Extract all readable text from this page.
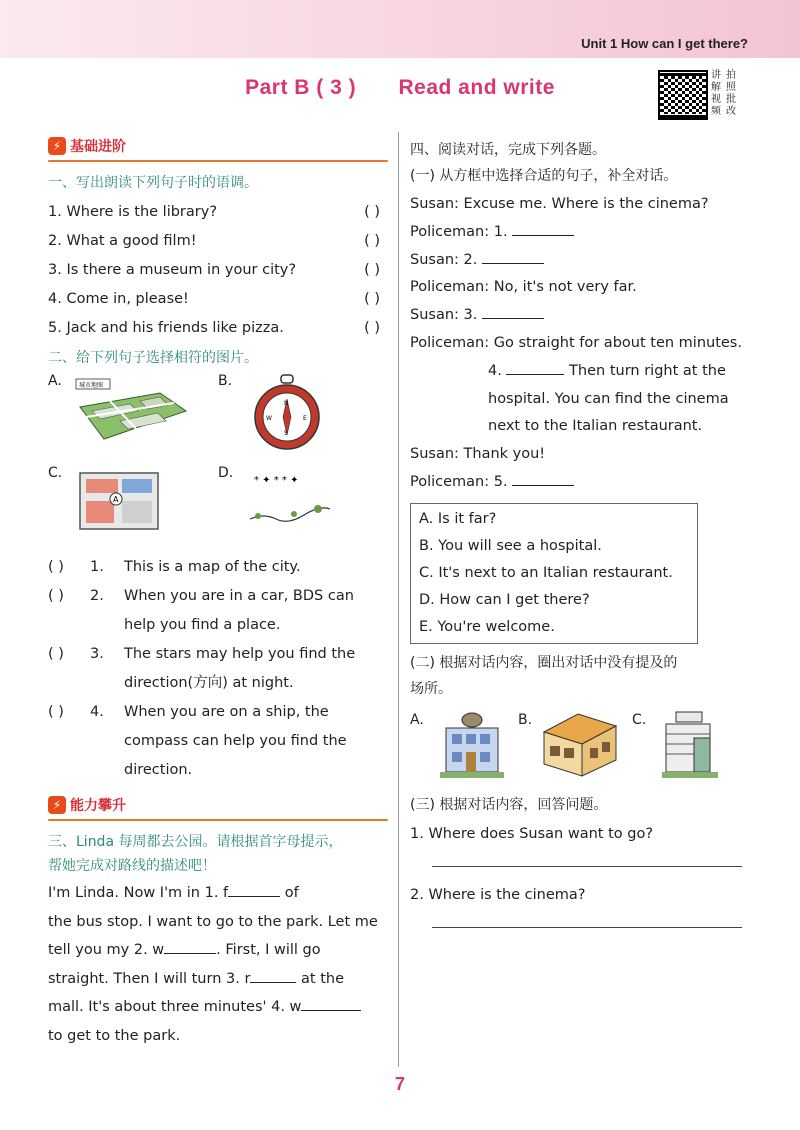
Unit 1 How can I get there?
Part B ( 3 ) Read and write
讲 拍
解 照
视 批
频 改
⚡ 基础进阶
一、写出朗读下列句子时的语调。
1. Where is the library?	( )
2. What a good film!	( )
3. Is there a museum in your city?	( )
4. Come in, please!	( )
5. Jack and his friends like pizza.	( )
二、给下列句子选择相符的图片。
A.	城市地图	B.
N
S
W	E
C.
A
D. * ✦ * * ✦
( ) 1. This is a map of the city.
( ) 2. When you are in a car, BDS can
help you find a place.
( ) 3. The stars may help you find the
direction(方向) at night.
( ) 4. When you are on a ship, the
compass can help you find the
direction.
⚡ 能力攀升
三、Linda 每周都去公园。请根据首字母提示，
帮她完成对路线的描述吧！
I'm Linda. Now I'm in 1. f	of
the bus stop. I want to go to the park. Let me
tell you my 2. w	. First, I will go
straight. Then I will turn 3. r	at the
mall. It's about three minutes' 4. w
to get to the park.
四、阅读对话，完成下列各题。
(一) 从方框中选择合适的句子，补全对话。
Susan: Excuse me. Where is the cinema?
Policeman: 1.
Susan: 2.
Policeman: No, it's not very far.
Susan: 3.
Policeman: Go straight for about ten minutes.
4.	Then turn right at the
hospital. You can find the cinema
next to the Italian restaurant.
Susan: Thank you!
Policeman: 5.
A. Is it far?
B. You will see a hospital.
C. It's next to an Italian restaurant.
D. How can I get there?
E. You're welcome.
(二) 根据对话内容，圈出对话中没有提及的
场所。
A.	B.	C.
(三) 根据对话内容，回答问题。
1. Where does Susan want to go?
2. Where is the cinema?
7
